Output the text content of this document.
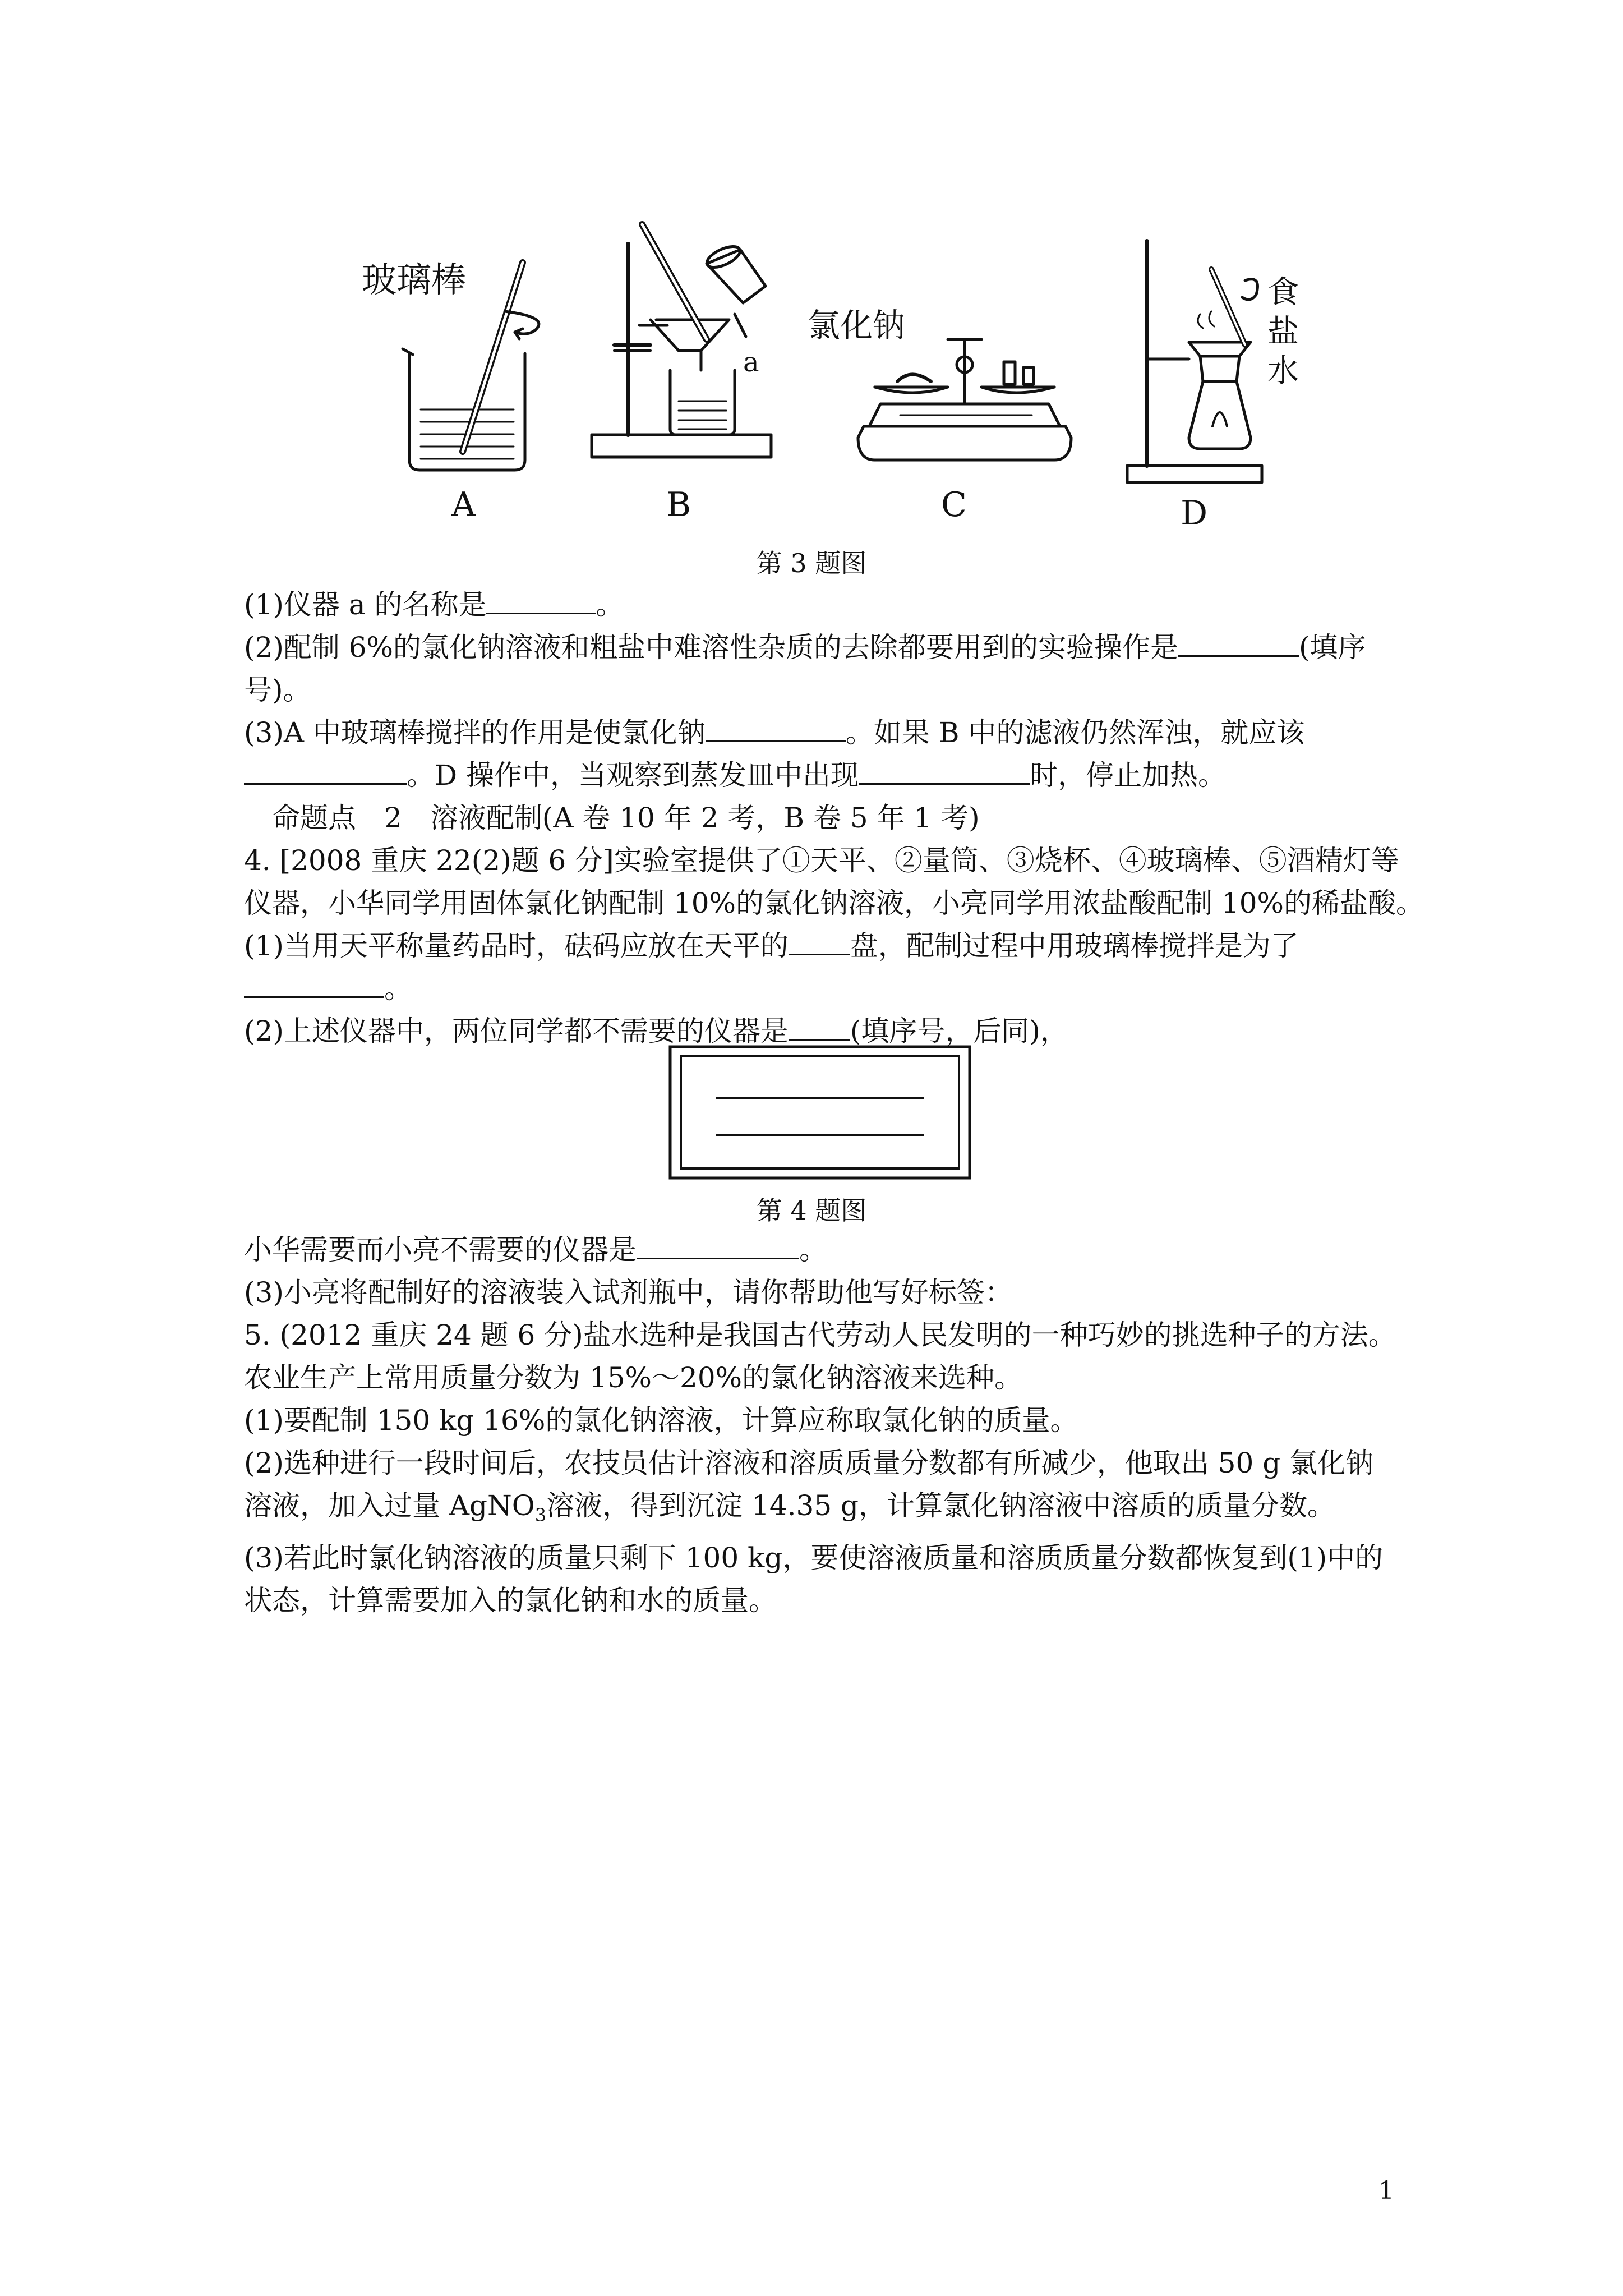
玻璃棒
a
氯化钠
食
盐
水
A	B	C	D
第 3 题图
(1)仪器 a 的名称是	。
(2)配制 6%的氯化钠溶液和粗盐中难溶性杂质的去除都要用到的实验操作是	(填序
号)。
(3)A 中玻璃棒搅拌的作用是使氯化钠	。如果 B 中的滤液仍然浑浊，就应该
。D 操作中，当观察到蒸发皿中出现	时，停止加热。
命题点　2　溶液配制(A 卷 10 年 2 考，B 卷 5 年 1 考)
4. [2008 重庆 22(2)题 6 分]实验室提供了①天平、②量筒、③烧杯、④玻璃棒、⑤酒精灯等
仪器，小华同学用固体氯化钠配制 10%的氯化钠溶液，小亮同学用浓盐酸配制 10%的稀盐酸。
(1)当用天平称量药品时，砝码应放在天平的 盘，配制过程中用玻璃棒搅拌是为了
。
(2)上述仪器中，两位同学都不需要的仪器是 (填序号，后同)，
第 4 题图
小华需要而小亮不需要的仪器是	。
(3)小亮将配制好的溶液装入试剂瓶中，请你帮助他写好标签：
5. (2012 重庆 24 题 6 分)盐水选种是我国古代劳动人民发明的一种巧妙的挑选种子的方法。
农业生产上常用质量分数为 15%～20%的氯化钠溶液来选种。
(1)要配制 150 kg 16%的氯化钠溶液，计算应称取氯化钠的质量。
(2)选种进行一段时间后，农技员估计溶液和溶质质量分数都有所减少，他取出 50 g 氯化钠
溶液，加入过量 AgNO$_3$溶液，得到沉淀 14.35 g，计算氯化钠溶液中溶质的质量分数。
(3)若此时氯化钠溶液的质量只剩下 100 kg，要使溶液质量和溶质质量分数都恢复到(1)中的
状态，计算需要加入的氯化钠和水的质量。
1
